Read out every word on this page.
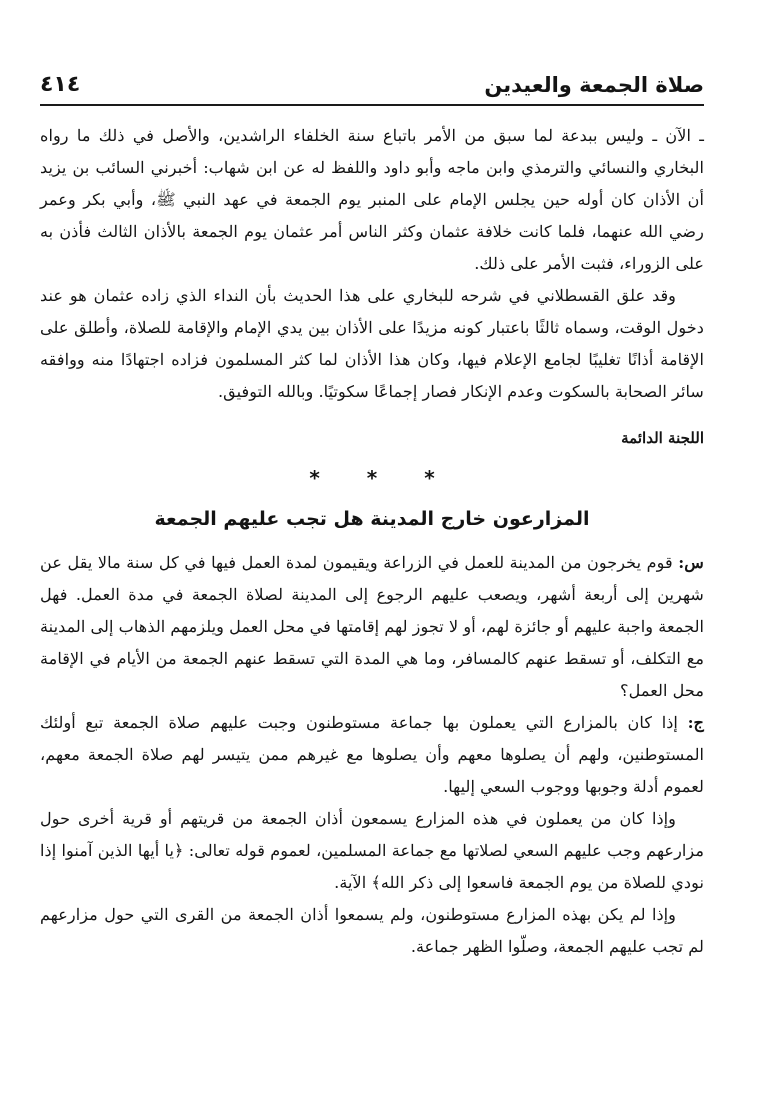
صلاة الجمعة والعيدين
٤١٤

ـ الآن ـ وليس ببدعة لما سبق من الأمر باتباع سنة الخلفاء الراشدين، والأصل في ذلك ما رواه البخاري والنسائي والترمذي وابن ماجه وأبو داود واللفظ له عن ابن شهاب: أخبرني السائب بن يزيد أن الأذان كان أوله حين يجلس الإمام على المنبر يوم الجمعة في عهد النبي ﷺ، وأبي بكر وعمر رضي الله عنهما، فلما كانت خلافة عثمان وكثر الناس أمر عثمان يوم الجمعة بالأذان الثالث فأذن به على الزوراء، فثبت الأمر على ذلك.

وقد علق القسطلاني في شرحه للبخاري على هذا الحديث بأن النداء الذي زاده عثمان هو عند دخول الوقت، وسماه ثالثًا باعتبار كونه مزيدًا على الأذان بين يدي الإمام والإقامة للصلاة، وأطلق على الإقامة أذانًا تغليبًا لجامع الإعلام فيها، وكان هذا الأذان لما كثر المسلمون فزاده اجتهادًا منه ووافقه سائر الصحابة بالسكوت وعدم الإنكار فصار إجماعًا سكوتيًا. وبالله التوفيق.

اللجنة الدائمة
* * *
المزارعون خارج المدينة هل تجب عليهم الجمعة

س: قوم يخرجون من المدينة للعمل في الزراعة ويقيمون لمدة العمل فيها في كل سنة مالا يقل عن شهرين إلى أربعة أشهر، ويصعب عليهم الرجوع إلى المدينة لصلاة الجمعة في مدة العمل. فهل الجمعة واجبة عليهم أو جائزة لهم، أو لا تجوز لهم إقامتها في محل العمل ويلزمهم الذهاب إلى المدينة مع التكلف، أو تسقط عنهم كالمسافر، وما هي المدة التي تسقط عنهم الجمعة من الأيام في الإقامة محل العمل؟

ج: إذا كان بالمزارع التي يعملون بها جماعة مستوطنون وجبت عليهم صلاة الجمعة تبع أولئك المستوطنين، ولهم أن يصلوها معهم وأن يصلوها مع غيرهم ممن يتيسر لهم صلاة الجمعة معهم، لعموم أدلة وجوبها ووجوب السعي إليها.

وإذا كان من يعملون في هذه المزارع يسمعون أذان الجمعة من قريتهم أو قرية أخرى حول مزارعهم وجب عليهم السعي لصلاتها مع جماعة المسلمين، لعموم قوله تعالى: ﴿يا أيها الذين آمنوا إذا نودي للصلاة من يوم الجمعة فاسعوا إلى ذكر الله﴾ الآية.

وإذا لم يكن بهذه المزارع مستوطنون، ولم يسمعوا أذان الجمعة من القرى التي حول مزارعهم لم تجب عليهم الجمعة، وصلّوا الظهر جماعة.
